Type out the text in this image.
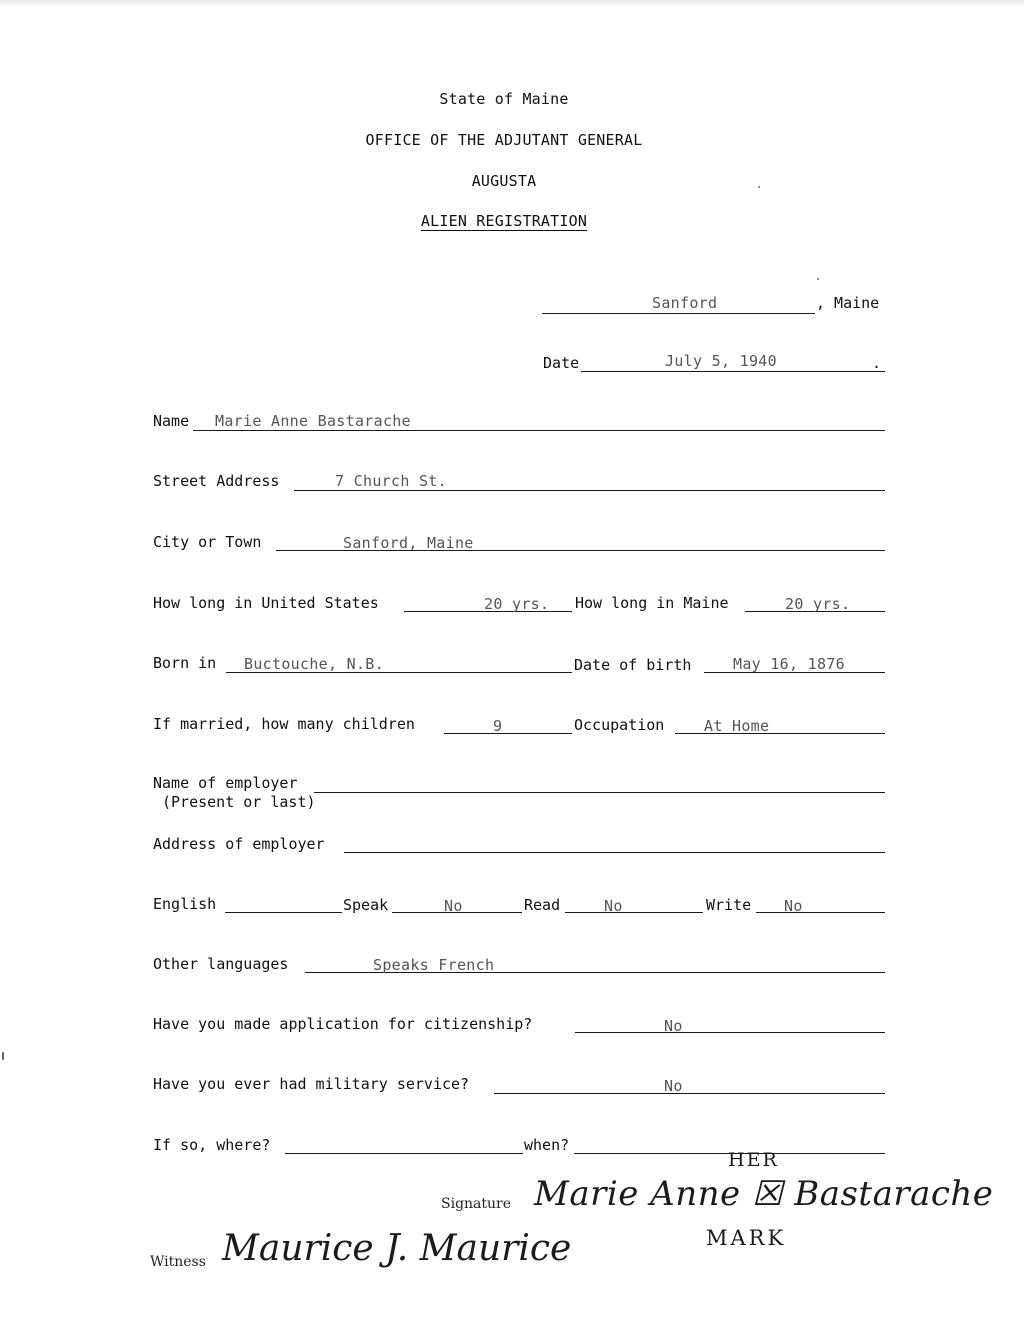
State of Maine
OFFICE OF THE ADJUTANT GENERAL
AUGUSTA
ALIEN REGISTRATION
Sanford	, Maine
Date	July 5, 1940	.
Name Marie Anne Bastarache
Street Address	7 Church St.
City or Town	Sanford, Maine
How long in United States	20 yrs. How long in Maine	20 yrs.
Born in Buctouche, N.B.	Date of birth	May 16, 1876
If married, how many children	9	Occupation	At Home
Name of employer
(Present or last)
Address of employer
English	Speak	No	Read	No	Write No
Other languages	Speaks French
Have you made application for citizenship?	No
Have you ever had military service?	No
If so, where?	when?
Signature Marie Anne ☒ Bastarache
HER
MARK
Witness Maurice J. Maurice
